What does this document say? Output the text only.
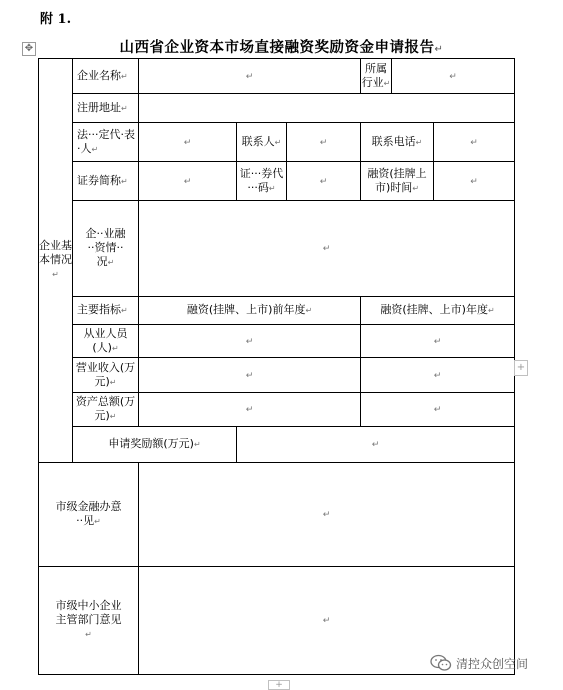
附 1.
✥	山西省企业资本市场直接融资奖励资金申请报告↵
企业基本情况↵	企业名称↵	↵			所属行业↵	↵	
	注册地址↵						
	法···定代·表·人↵	↵	联系人↵	↵	联系电话↵		↵
	证券简称↵	↵	证···券代···码↵	↵	融资(挂牌上市)时间↵		↵
	企··业融··资情··况↵	↵					
	主要指标↵	融资(挂牌、上市)前年度↵			融资(挂牌、上市)年度↵		
	从业人员(人)↵	↵			↵		
	营业收入(万元)↵	↵			↵		
	资产总额(万元)↵	↵			↵		
	申请奖励额(万元)↵		↵				
市级金融办意··见↵		↵					
市级中小企业主管部门意见↵		↵					
+
+
清控众创空间
